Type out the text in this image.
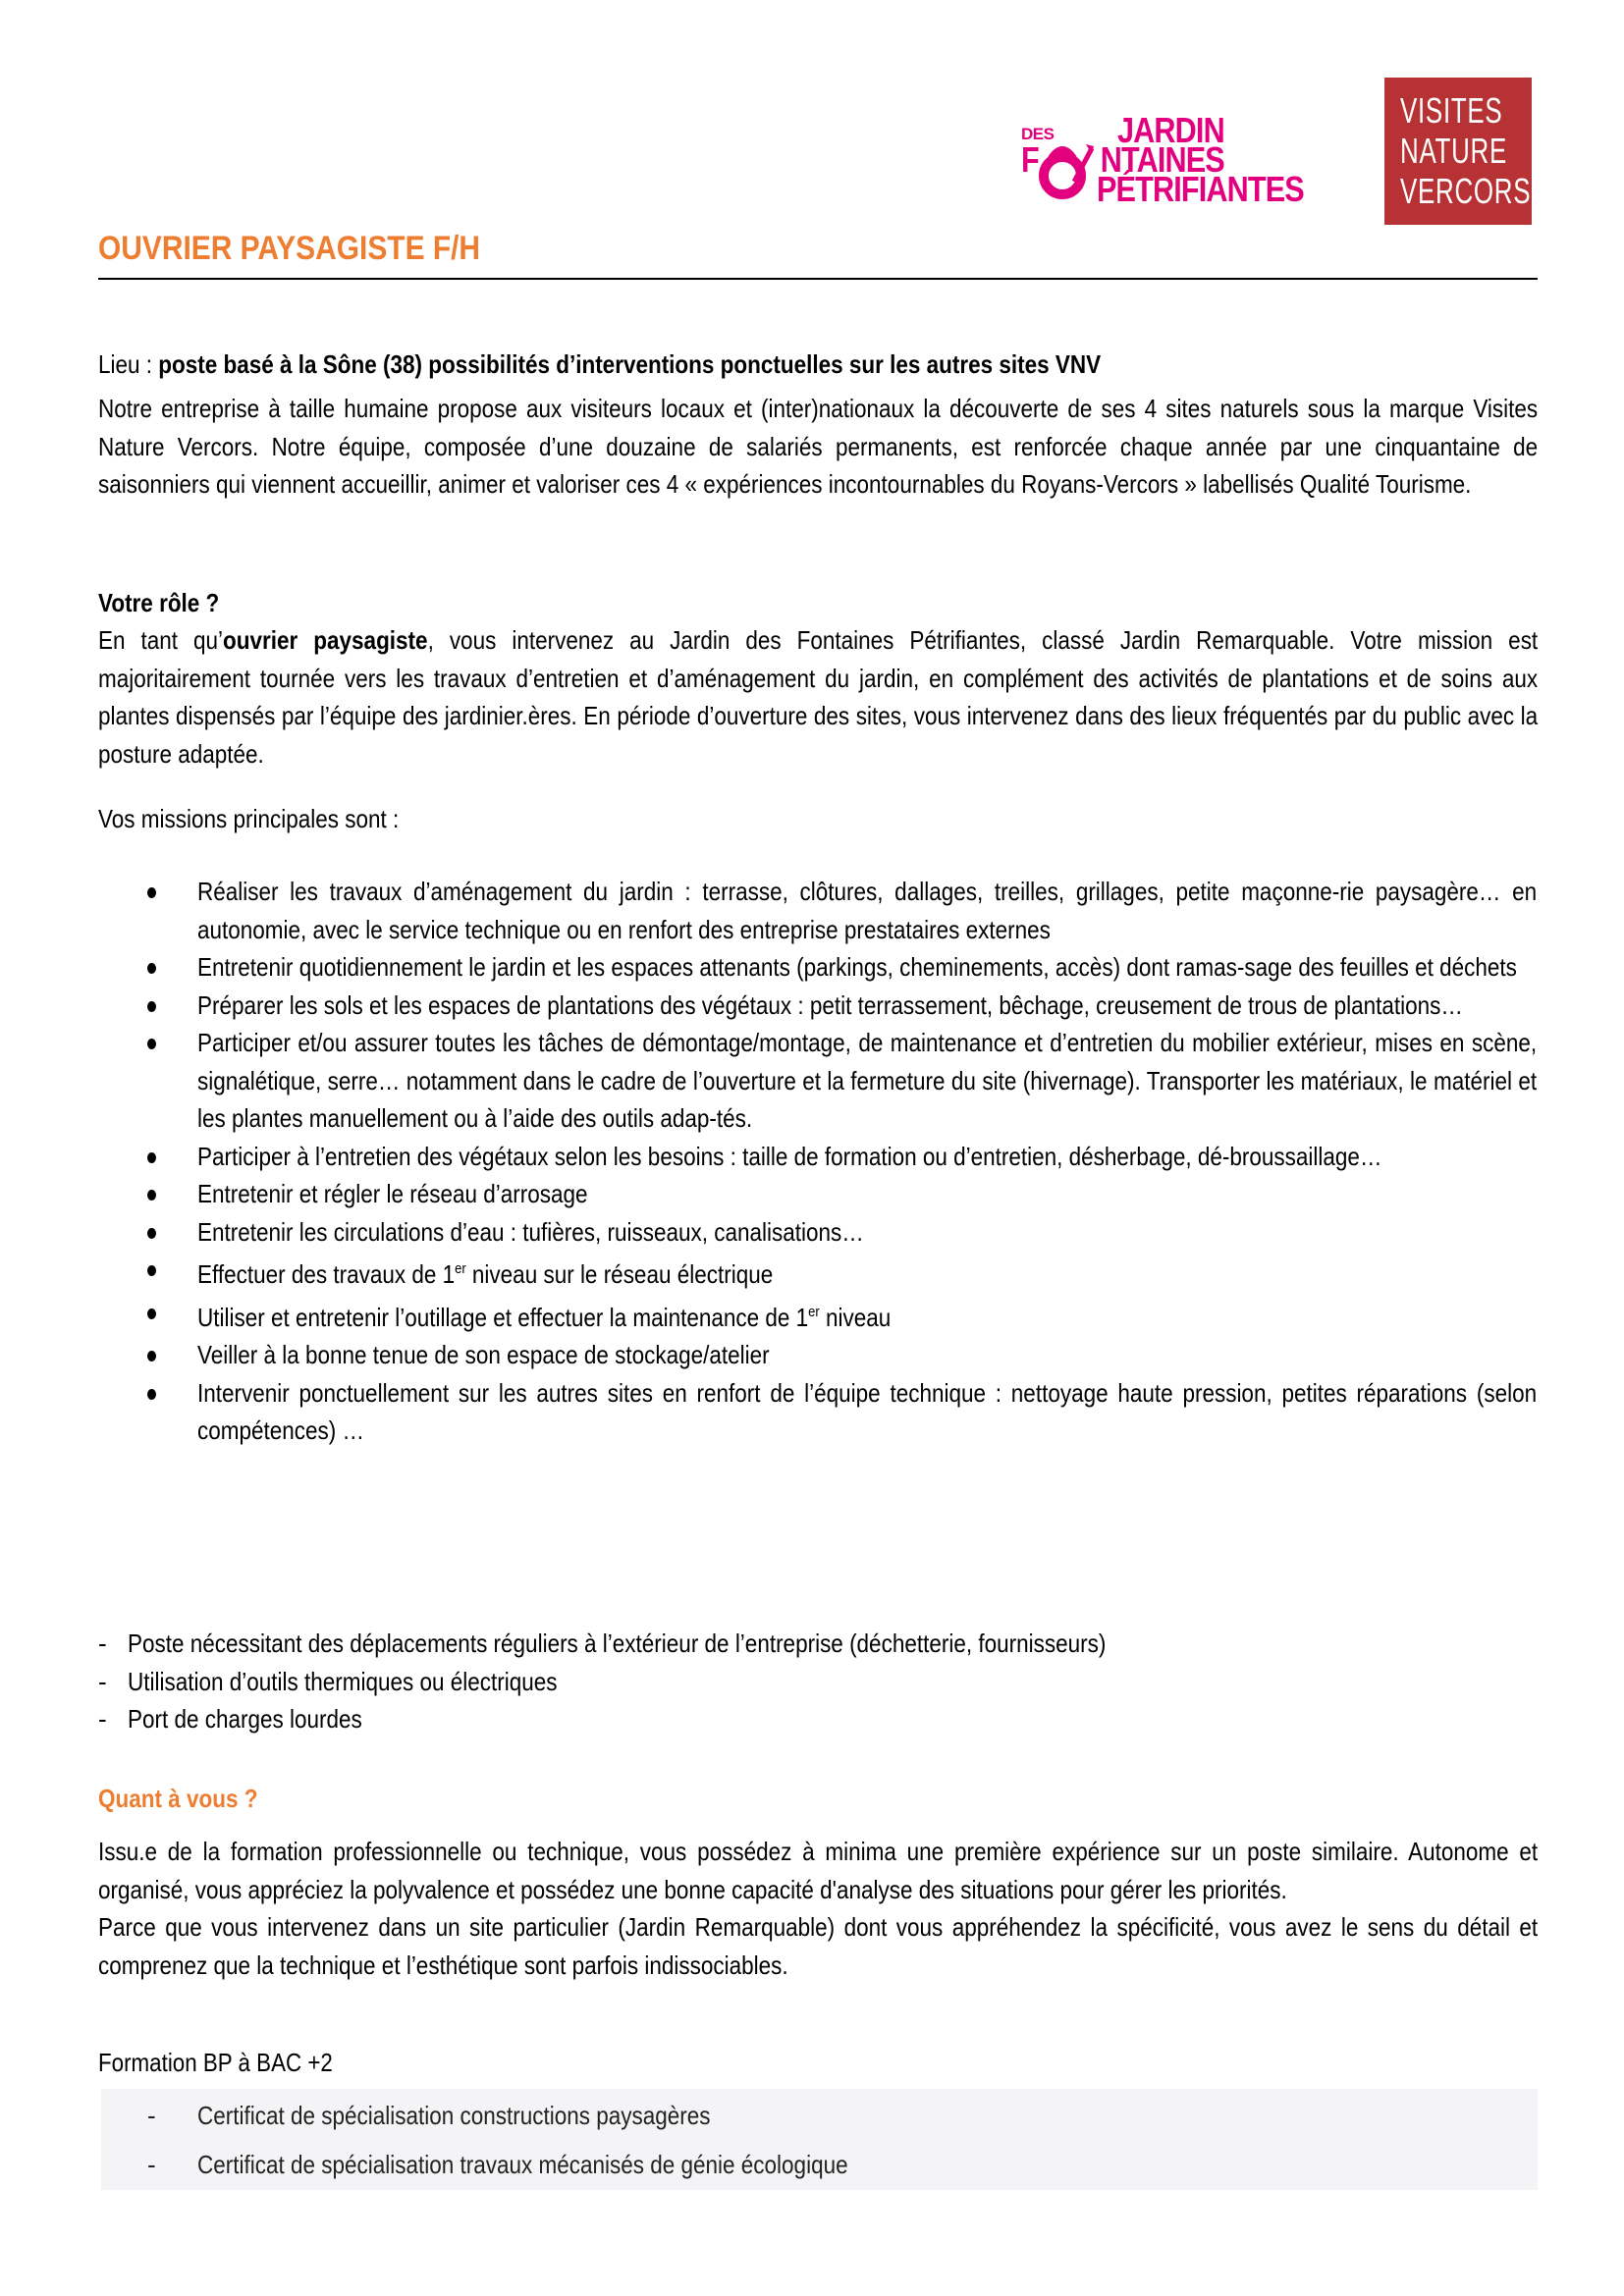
DES JARDIN
F NTAINES
PÉTRIFIANTES
VISITES
NATURE
VERCORS
OUVRIER PAYSAGISTE F/H
Lieu : poste basé à la Sône (38) possibilités d’interventions ponctuelles sur les autres sites VNV
Notre entreprise à taille humaine propose aux visiteurs locaux et (inter)nationaux la découverte de ses 4 sites naturels sous la marque Visites Nature Vercors. Notre équipe, composée d’une douzaine de salariés permanents, est renforcée chaque année par une cinquantaine de saisonniers qui viennent accueillir, animer et valoriser ces 4 « expériences incontournables du Royans-Vercors » labellisés Qualité Tourisme.
Votre rôle ?
En tant qu’ouvrier paysagiste, vous intervenez au Jardin des Fontaines Pétrifiantes, classé Jardin Remarquable. Votre mission est majoritairement tournée vers les travaux d’entretien et d’aménagement du jardin, en complément des activités de plantations et de soins aux plantes dispensés par l’équipe des jardinier.ères. En période d’ouverture des sites, vous intervenez dans des lieux fréquentés par du public avec la posture adaptée.
Vos missions principales sont :
Réaliser les travaux d’aménagement du jardin : terrasse, clôtures, dallages, treilles, grillages, petite maçonne-rie paysagère… en autonomie, avec le service technique ou en renfort des entreprise prestataires externes
Entretenir quotidiennement le jardin et les espaces attenants (parkings, cheminements, accès) dont ramas-sage des feuilles et déchets
Préparer les sols et les espaces de plantations des végétaux : petit terrassement, bêchage, creusement de trous de plantations…
Participer et/ou assurer toutes les tâches de démontage/montage, de maintenance et d’entretien du mobilier extérieur, mises en scène, signalétique, serre… notamment dans le cadre de l’ouverture et la fermeture du site (hivernage). Transporter les matériaux, le matériel et les plantes manuellement ou à l’aide des outils adap-tés.
Participer à l’entretien des végétaux selon les besoins : taille de formation ou d’entretien, désherbage, dé-broussaillage…
Entretenir et régler le réseau d’arrosage
Entretenir les circulations d’eau : tufières, ruisseaux, canalisations…
Effectuer des travaux de 1er niveau sur le réseau électrique
Utiliser et entretenir l’outillage et effectuer la maintenance de 1er niveau
Veiller à la bonne tenue de son espace de stockage/atelier
Intervenir ponctuellement sur les autres sites en renfort de l’équipe technique : nettoyage haute pression, petites réparations (selon compétences) …
- Poste nécessitant des déplacements réguliers à l’extérieur de l’entreprise (déchetterie, fournisseurs)
- Utilisation d’outils thermiques ou électriques
- Port de charges lourdes
Quant à vous ?
Issu.e de la formation professionnelle ou technique, vous possédez à minima une première expérience sur un poste similaire. Autonome et organisé, vous appréciez la polyvalence et possédez une bonne capacité d'analyse des situations pour gérer les priorités.
Parce que vous intervenez dans un site particulier (Jardin Remarquable) dont vous appréhendez la spécificité, vous avez le sens du détail et comprenez que la technique et l’esthétique sont parfois indissociables.
Formation BP à BAC +2
- Certificat de spécialisation constructions paysagères
- Certificat de spécialisation travaux mécanisés de génie écologique
